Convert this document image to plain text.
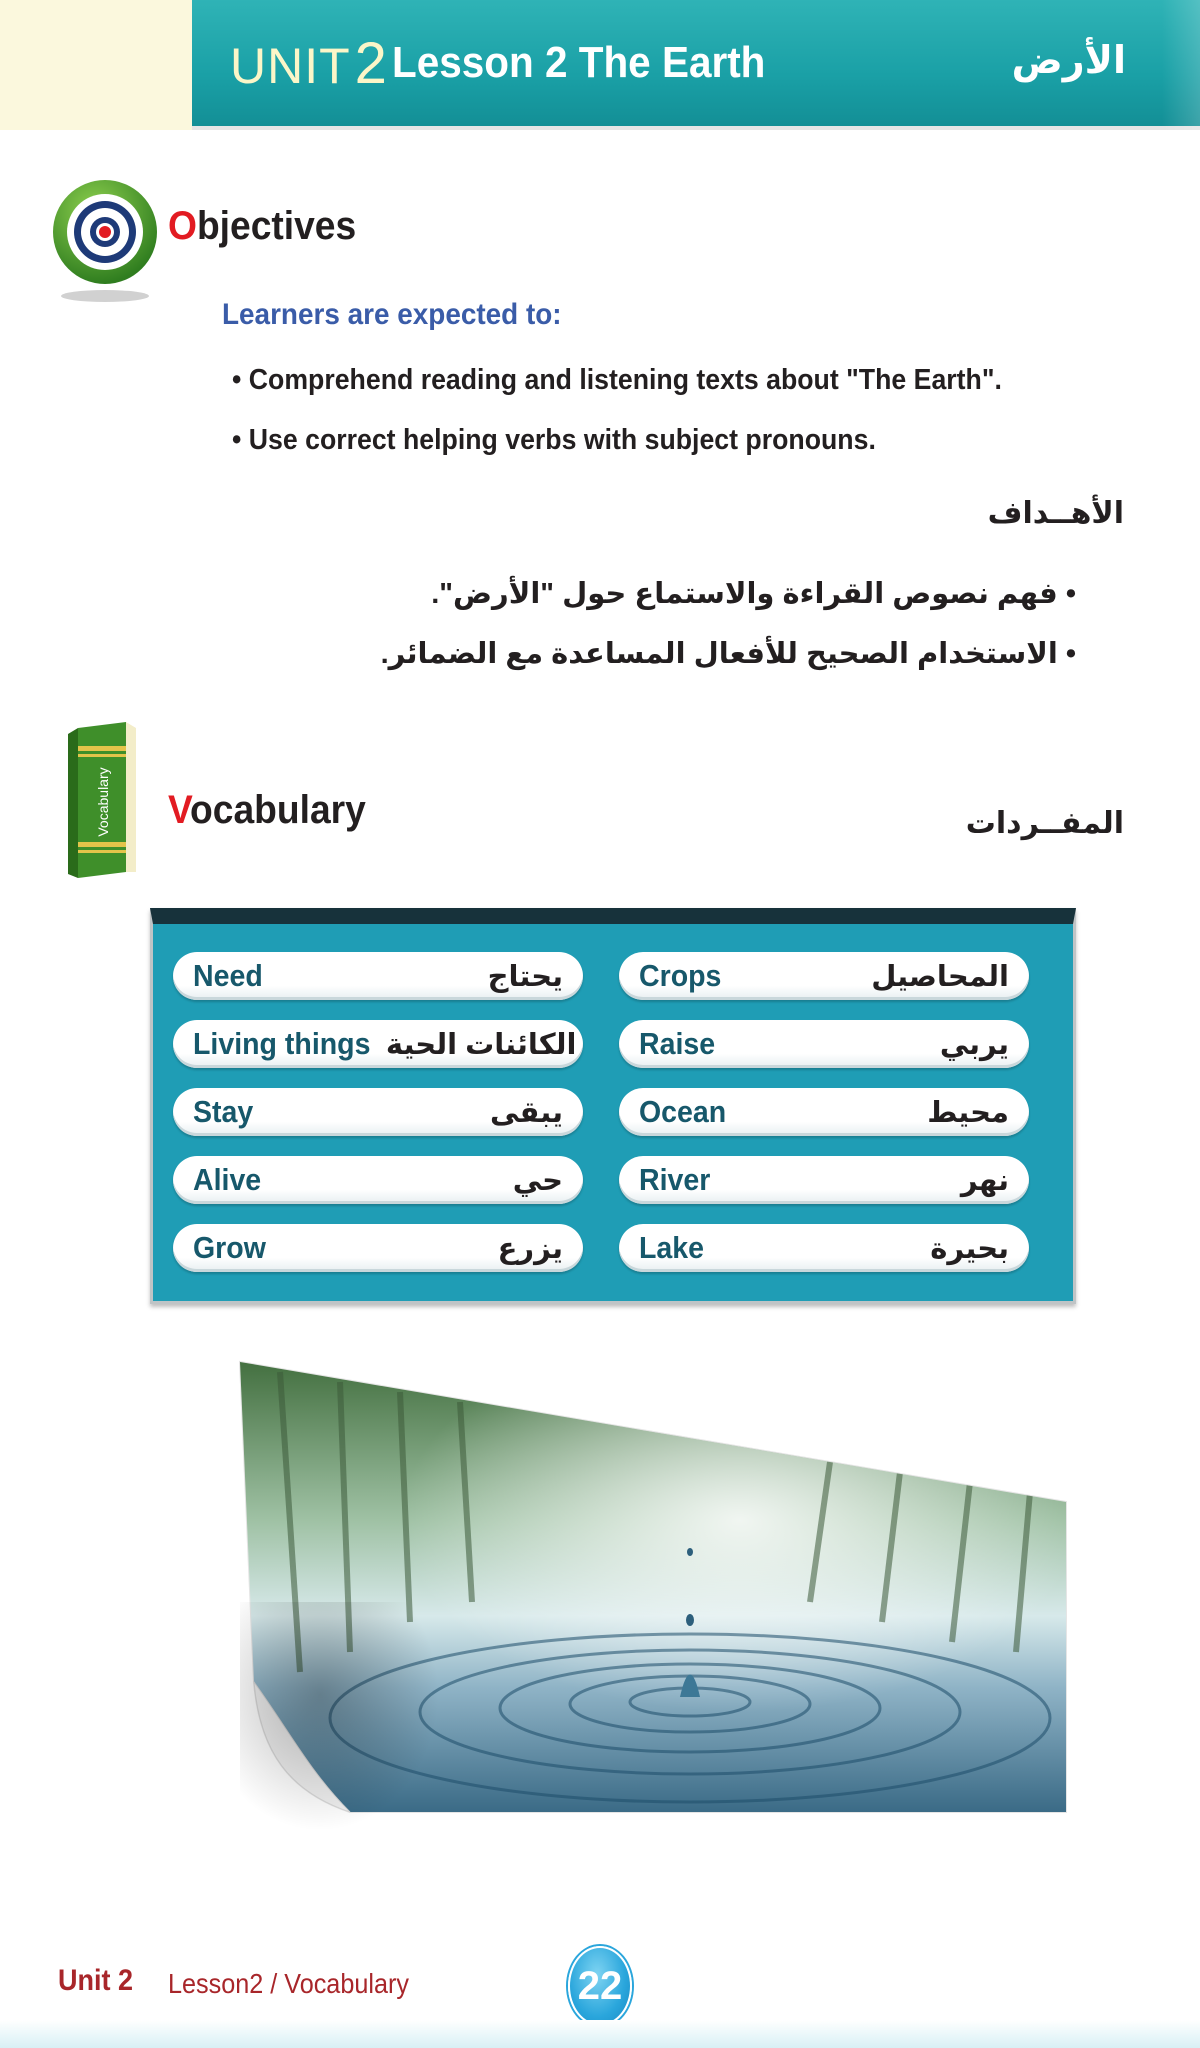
UNIT2 Lesson 2 The Earth	الأرض
Objectives
Learners are expected to:
• Comprehend reading and listening texts about "The Earth".
• Use correct helping verbs with subject pronouns.
الأهــداف
• فهم نصوص القراءة والاستماع حول "الأرض".
• الاستخدام الصحيح للأفعال المساعدة مع الضمائر.
Vocabulary Vocabulary	المفــردات
Need	يحتاج
Living things الكائنات الحية
Stay	يبقى
Alive	حي
Grow	يزرع
Crops	المحاصيل
Raise	يربي
Ocean	محيط
River	نهر
Lake	بحيرة
Unit 2 Lesson2 / Vocabulary	22
